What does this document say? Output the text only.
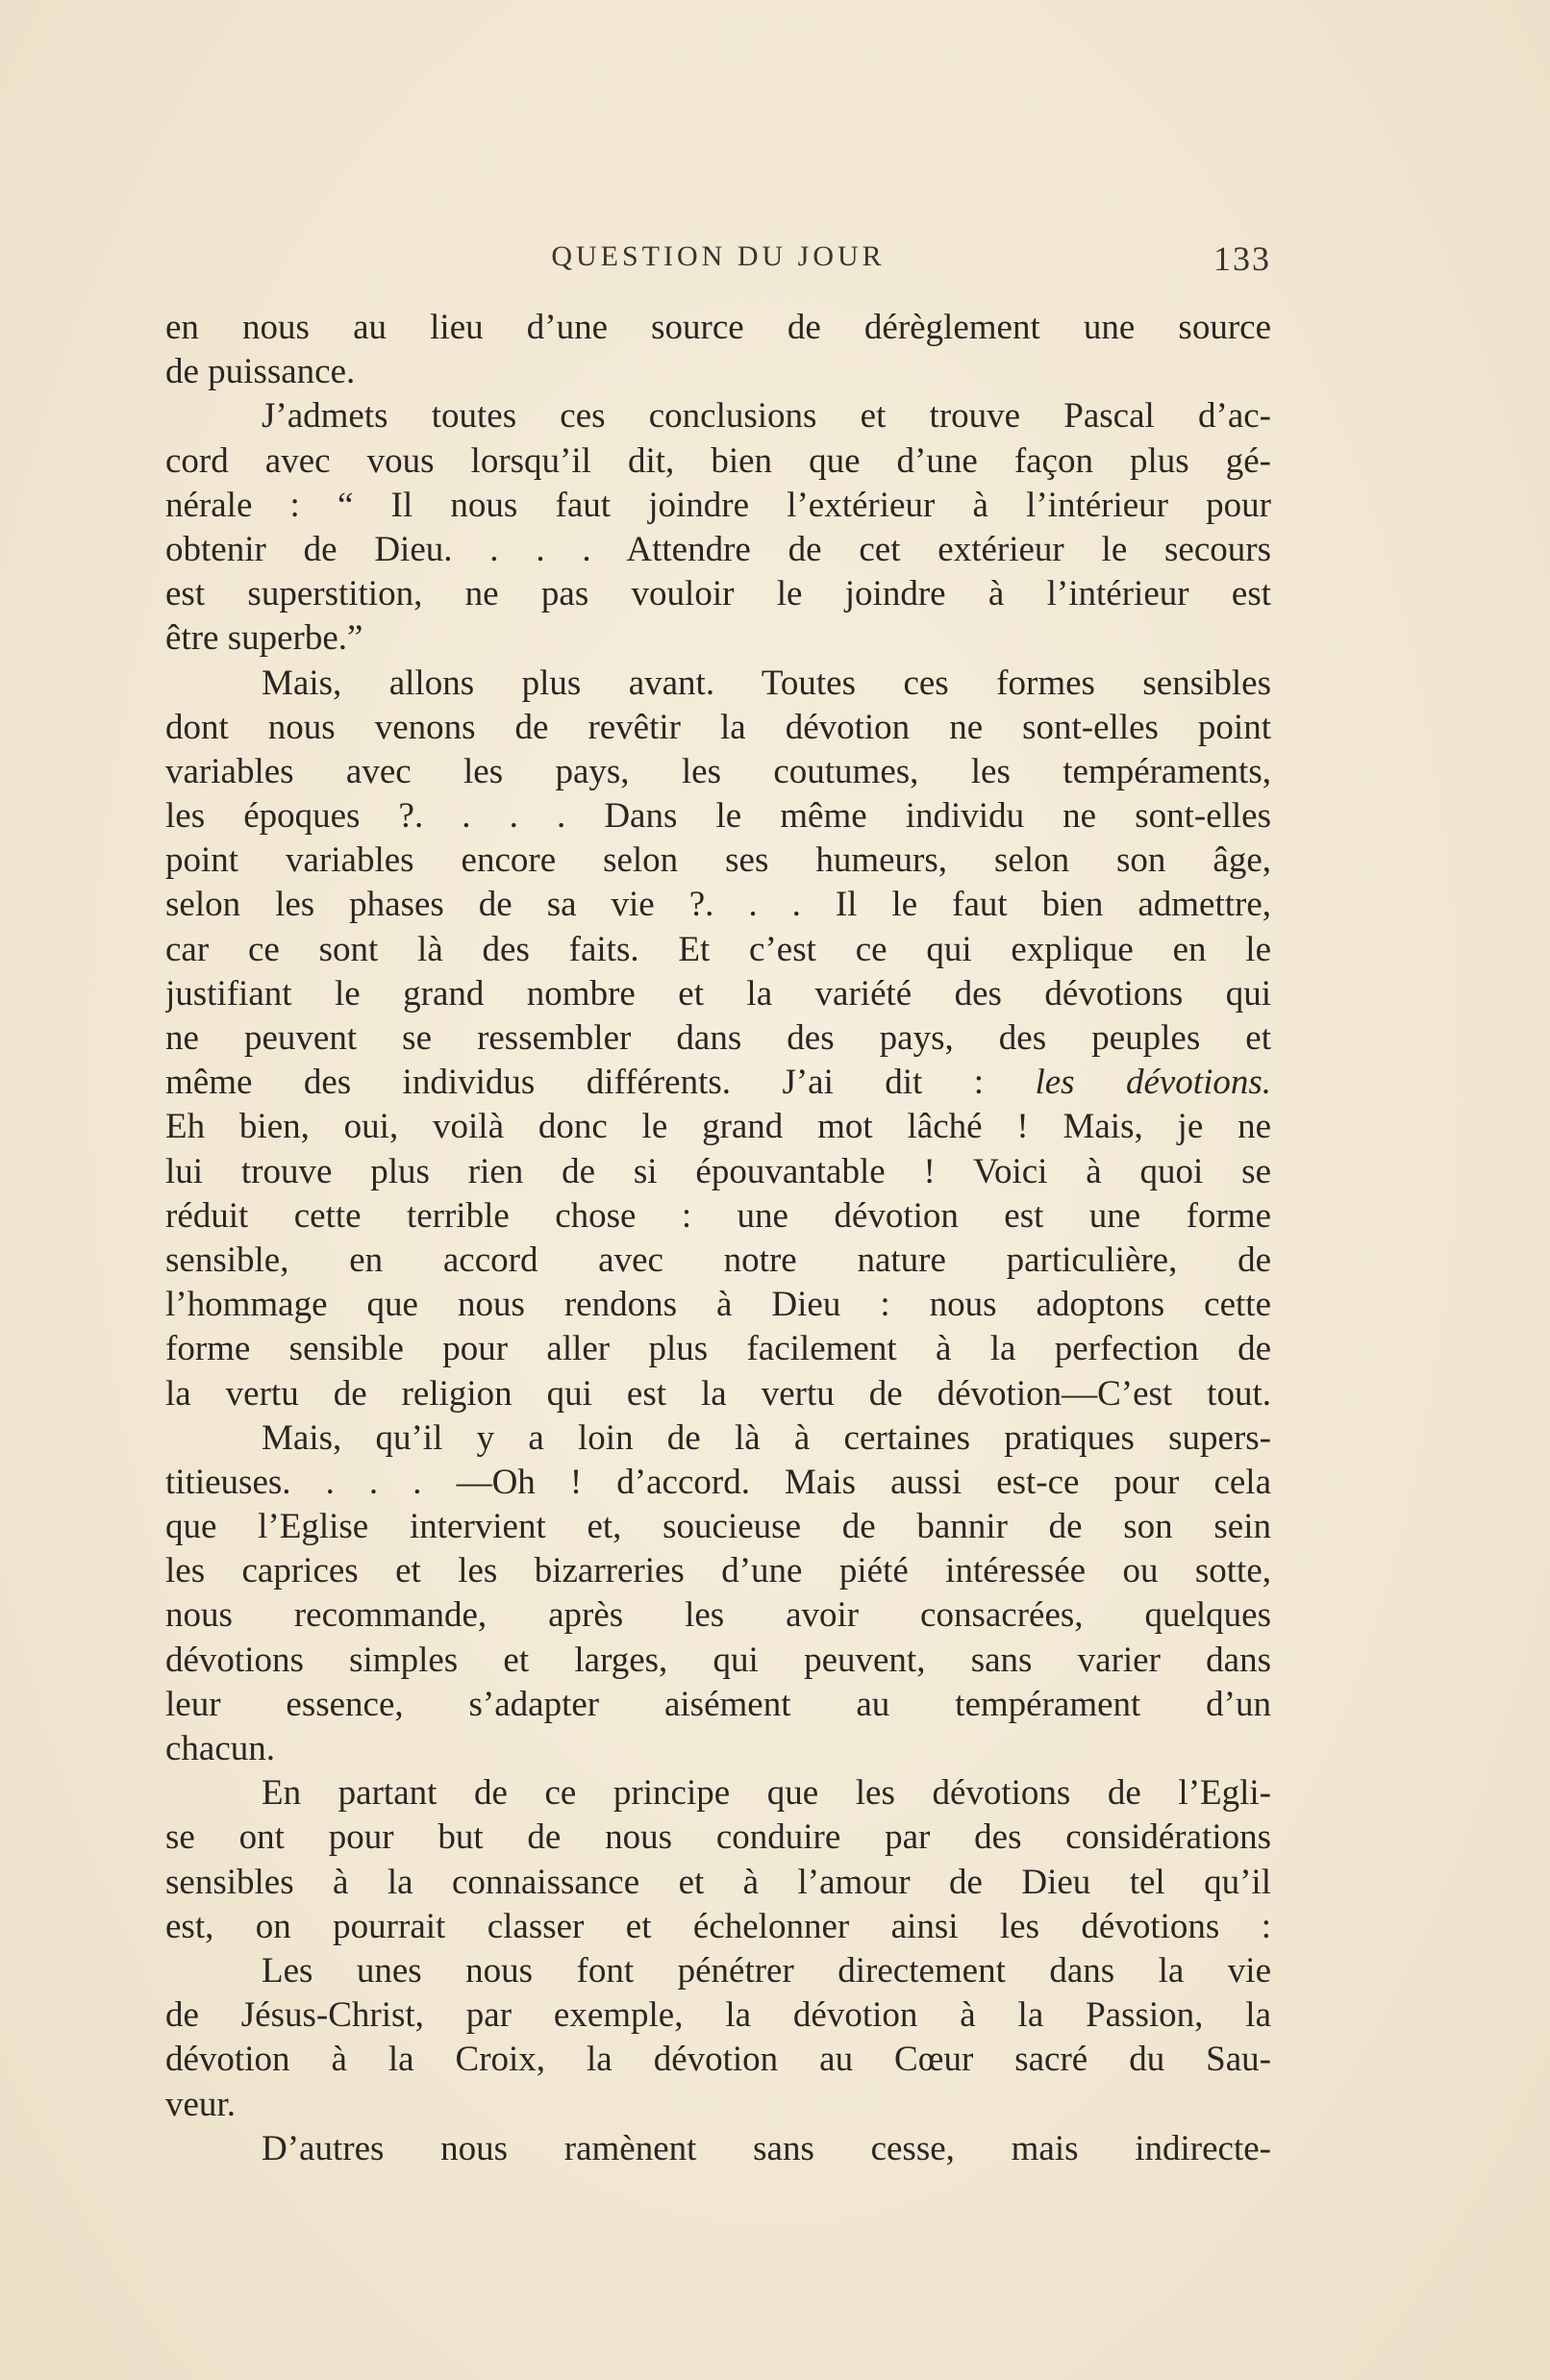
QUESTION DU JOUR	133
en nous au lieu d’une source de dérèglement une source
de puissance.
J’admets toutes ces conclusions et trouve Pascal d’ac-
cord avec vous lorsqu’il dit, bien que d’une façon plus gé-
nérale : “ Il nous faut joindre l’extérieur à l’intérieur pour
obtenir de Dieu. . . . Attendre de cet extérieur le secours
est superstition, ne pas vouloir le joindre à l’intérieur est
être superbe.”
Mais, allons plus avant. Toutes ces formes sensibles
dont nous venons de revêtir la dévotion ne sont-elles point
variables avec les pays, les coutumes, les tempéraments,
les époques ?. . . . Dans le même individu ne sont-elles
point variables encore selon ses humeurs, selon son âge,
selon les phases de sa vie ?. . . Il le faut bien admettre,
car ce sont là des faits. Et c’est ce qui explique en le
justifiant le grand nombre et la variété des dévotions qui
ne peuvent se ressembler dans des pays, des peuples et
même des individus différents. J’ai dit : les dévotions.
Eh bien, oui, voilà donc le grand mot lâché ! Mais, je ne
lui trouve plus rien de si épouvantable ! Voici à quoi se
réduit cette terrible chose : une dévotion est une forme
sensible, en accord avec notre nature particulière, de
l’hommage que nous rendons à Dieu : nous adoptons cette
forme sensible pour aller plus facilement à la perfection de
la vertu de religion qui est la vertu de dévotion—C’est tout.
Mais, qu’il y a loin de là à certaines pratiques supers-
titieuses. . . . —Oh ! d’accord. Mais aussi est-ce pour cela
que l’Eglise intervient et, soucieuse de bannir de son sein
les caprices et les bizarreries d’une piété intéressée ou sotte,
nous recommande, après les avoir consacrées, quelques
dévotions simples et larges, qui peuvent, sans varier dans
leur essence, s’adapter aisément au tempérament d’un
chacun.
En partant de ce principe que les dévotions de l’Egli-
se ont pour but de nous conduire par des considérations
sensibles à la connaissance et à l’amour de Dieu tel qu’il
est, on pourrait classer et échelonner ainsi les dévotions :
Les unes nous font pénétrer directement dans la vie
de Jésus-Christ, par exemple, la dévotion à la Passion, la
dévotion à la Croix, la dévotion au Cœur sacré du Sau-
veur.
D’autres nous ramènent sans cesse, mais indirecte-
